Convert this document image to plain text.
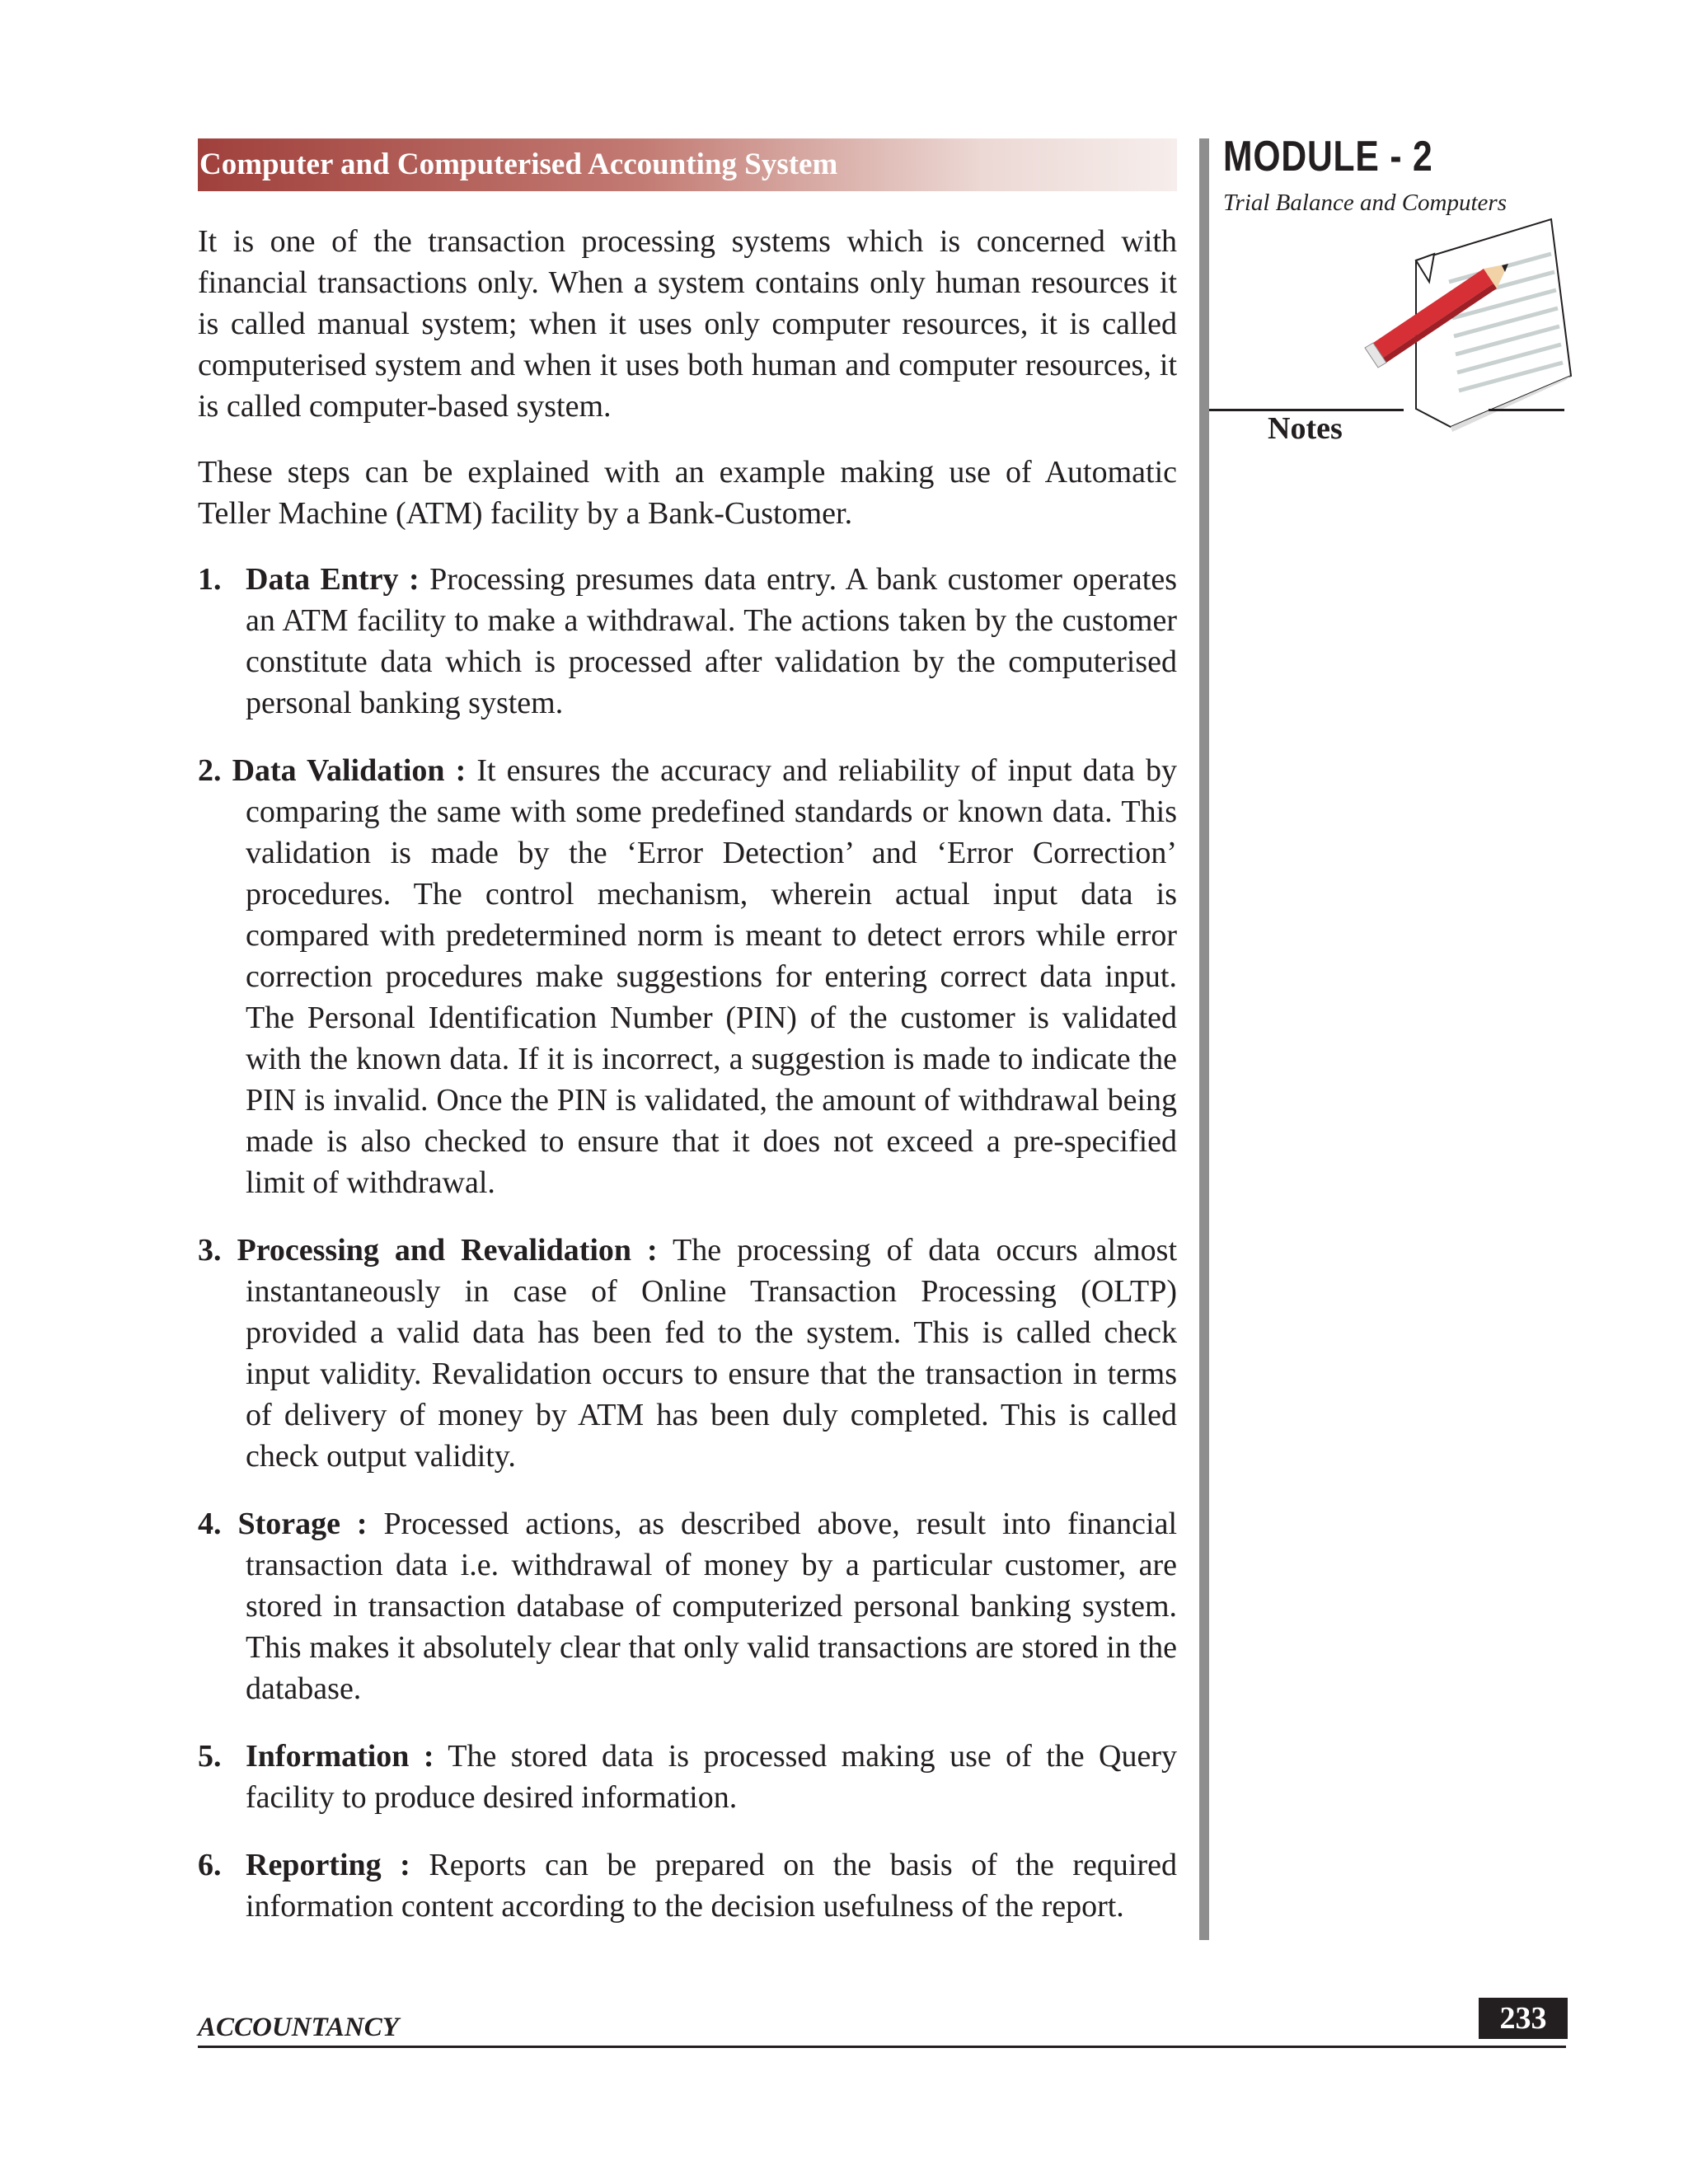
Computer and Computerised Accounting System	MODULE - 2
Trial Balance and Computers
Notes

It is one of the transaction processing systems which is concerned with financial transactions only. When a system contains only human resources it is called manual system; when it uses only computer resources, it is called computerised system and when it uses both human and computer resources, it is called computer-based system.

These steps can be explained with an example making use of Automatic Teller Machine (ATM) facility by a Bank-Customer.

1. Data Entry : Processing presumes data entry. A bank customer operates an ATM facility to make a withdrawal. The actions taken by the customer constitute data which is processed after validation by the computerised personal banking system.
2. Data Validation : It ensures the accuracy and reliability of input data by comparing the same with some predefined standards or known data. This validation is made by the ‘Error Detection’ and ‘Error Correction’ procedures. The control mechanism, wherein actual input data is compared with predetermined norm is meant to detect errors while error correction procedures make suggestions for entering correct data input. The Personal Identification Number (PIN) of the customer is validated with the known data. If it is incorrect, a suggestion is made to indicate the PIN is invalid. Once the PIN is validated, the amount of withdrawal being made is also checked to ensure that it does not exceed a pre-specified limit of withdrawal.
3. Processing and Revalidation : The processing of data occurs almost instantaneously in case of Online Transaction Processing (OLTP) provided a valid data has been fed to the system. This is called check input validity. Revalidation occurs to ensure that the transaction in terms of delivery of money by ATM has been duly completed. This is called check output validity.
4. Storage : Processed actions, as described above, result into financial transaction data i.e. withdrawal of money by a particular customer, are stored in transaction database of computerized personal banking system. This makes it absolutely clear that only valid transactions are stored in the database.
5. Information : The stored data is processed making use of the Query facility to produce desired information.
6. Reporting : Reports can be prepared on the basis of the required information content according to the decision usefulness of the report.
ACCOUNTANCY	233
